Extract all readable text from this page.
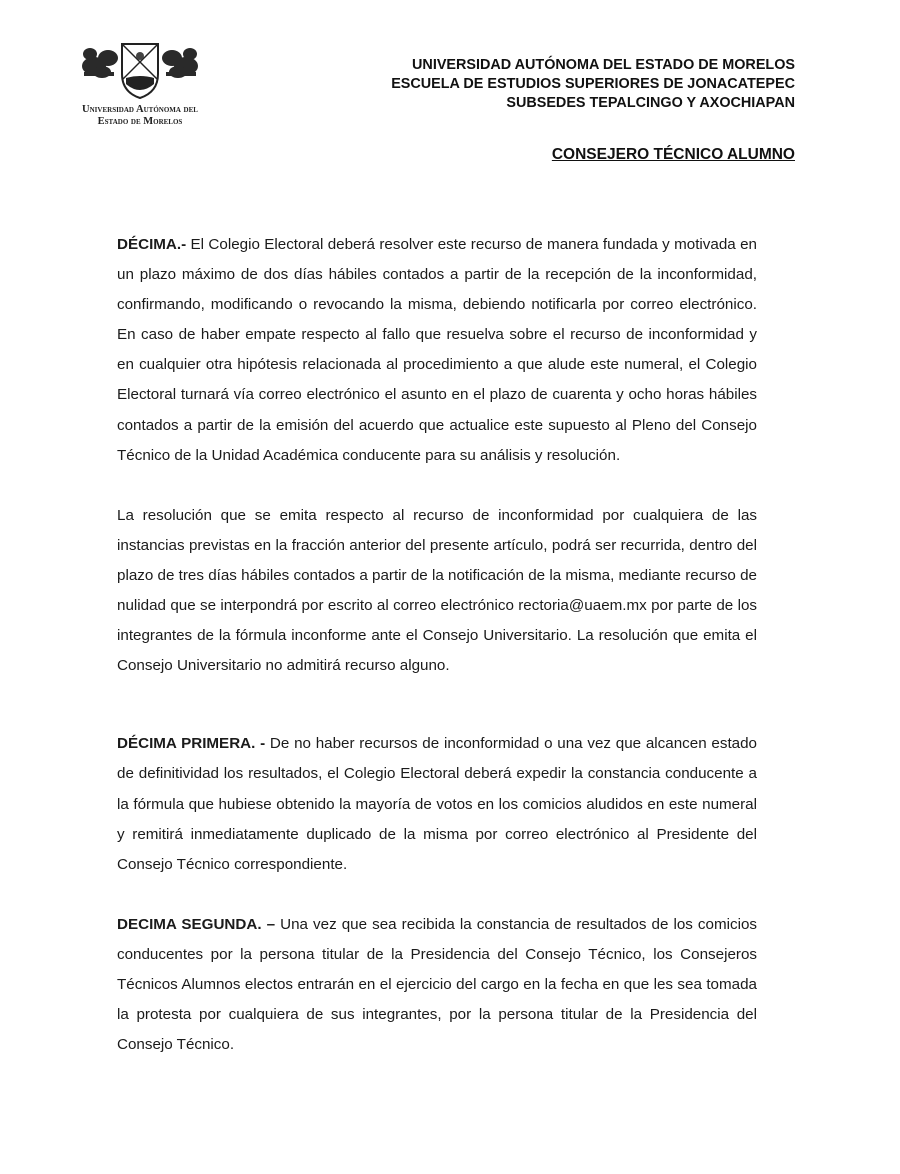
Universidad Autónoma del
Estado de Morelos
UNIVERSIDAD AUTÓNOMA DEL ESTADO DE MORELOS
ESCUELA DE ESTUDIOS SUPERIORES DE JONACATEPEC
SUBSEDES TEPALCINGO Y AXOCHIAPAN
CONSEJERO TÉCNICO ALUMNO

DÉCIMA.- El Colegio Electoral deberá resolver este recurso de manera fundada y motivada en un plazo máximo de dos días hábiles contados a partir de la recepción de la inconformidad, confirmando, modificando o revocando la misma, debiendo notificarla por correo electrónico. En caso de haber empate respecto al fallo que resuelva sobre el recurso de inconformidad y en cualquier otra hipótesis relacionada al procedimiento a que alude este numeral, el Colegio Electoral turnará vía correo electrónico el asunto en el plazo de cuarenta y ocho horas hábiles contados a partir de la emisión del acuerdo que actualice este supuesto al Pleno del Consejo Técnico de la Unidad Académica conducente para su análisis y resolución.

La resolución que se emita respecto al recurso de inconformidad por cualquiera de las instancias previstas en la fracción anterior del presente artículo, podrá ser recurrida, dentro del plazo de tres días hábiles contados a partir de la notificación de la misma, mediante recurso de nulidad que se interpondrá por escrito al correo electrónico rectoria@uaem.mx por parte de los integrantes de la fórmula inconforme ante el Consejo Universitario. La resolución que emita el Consejo Universitario no admitirá recurso alguno.

DÉCIMA PRIMERA. - De no haber recursos de inconformidad o una vez que alcancen estado de definitividad los resultados, el Colegio Electoral deberá expedir la constancia conducente a la fórmula que hubiese obtenido la mayoría de votos en los comicios aludidos en este numeral y remitirá inmediatamente duplicado de la misma por correo electrónico al Presidente del Consejo Técnico correspondiente.

DECIMA SEGUNDA. – Una vez que sea recibida la constancia de resultados de los comicios conducentes por la persona titular de la Presidencia del Consejo Técnico, los Consejeros Técnicos Alumnos electos entrarán en el ejercicio del cargo en la fecha en que les sea tomada la protesta por cualquiera de sus integrantes, por la persona titular de la Presidencia del Consejo Técnico.
